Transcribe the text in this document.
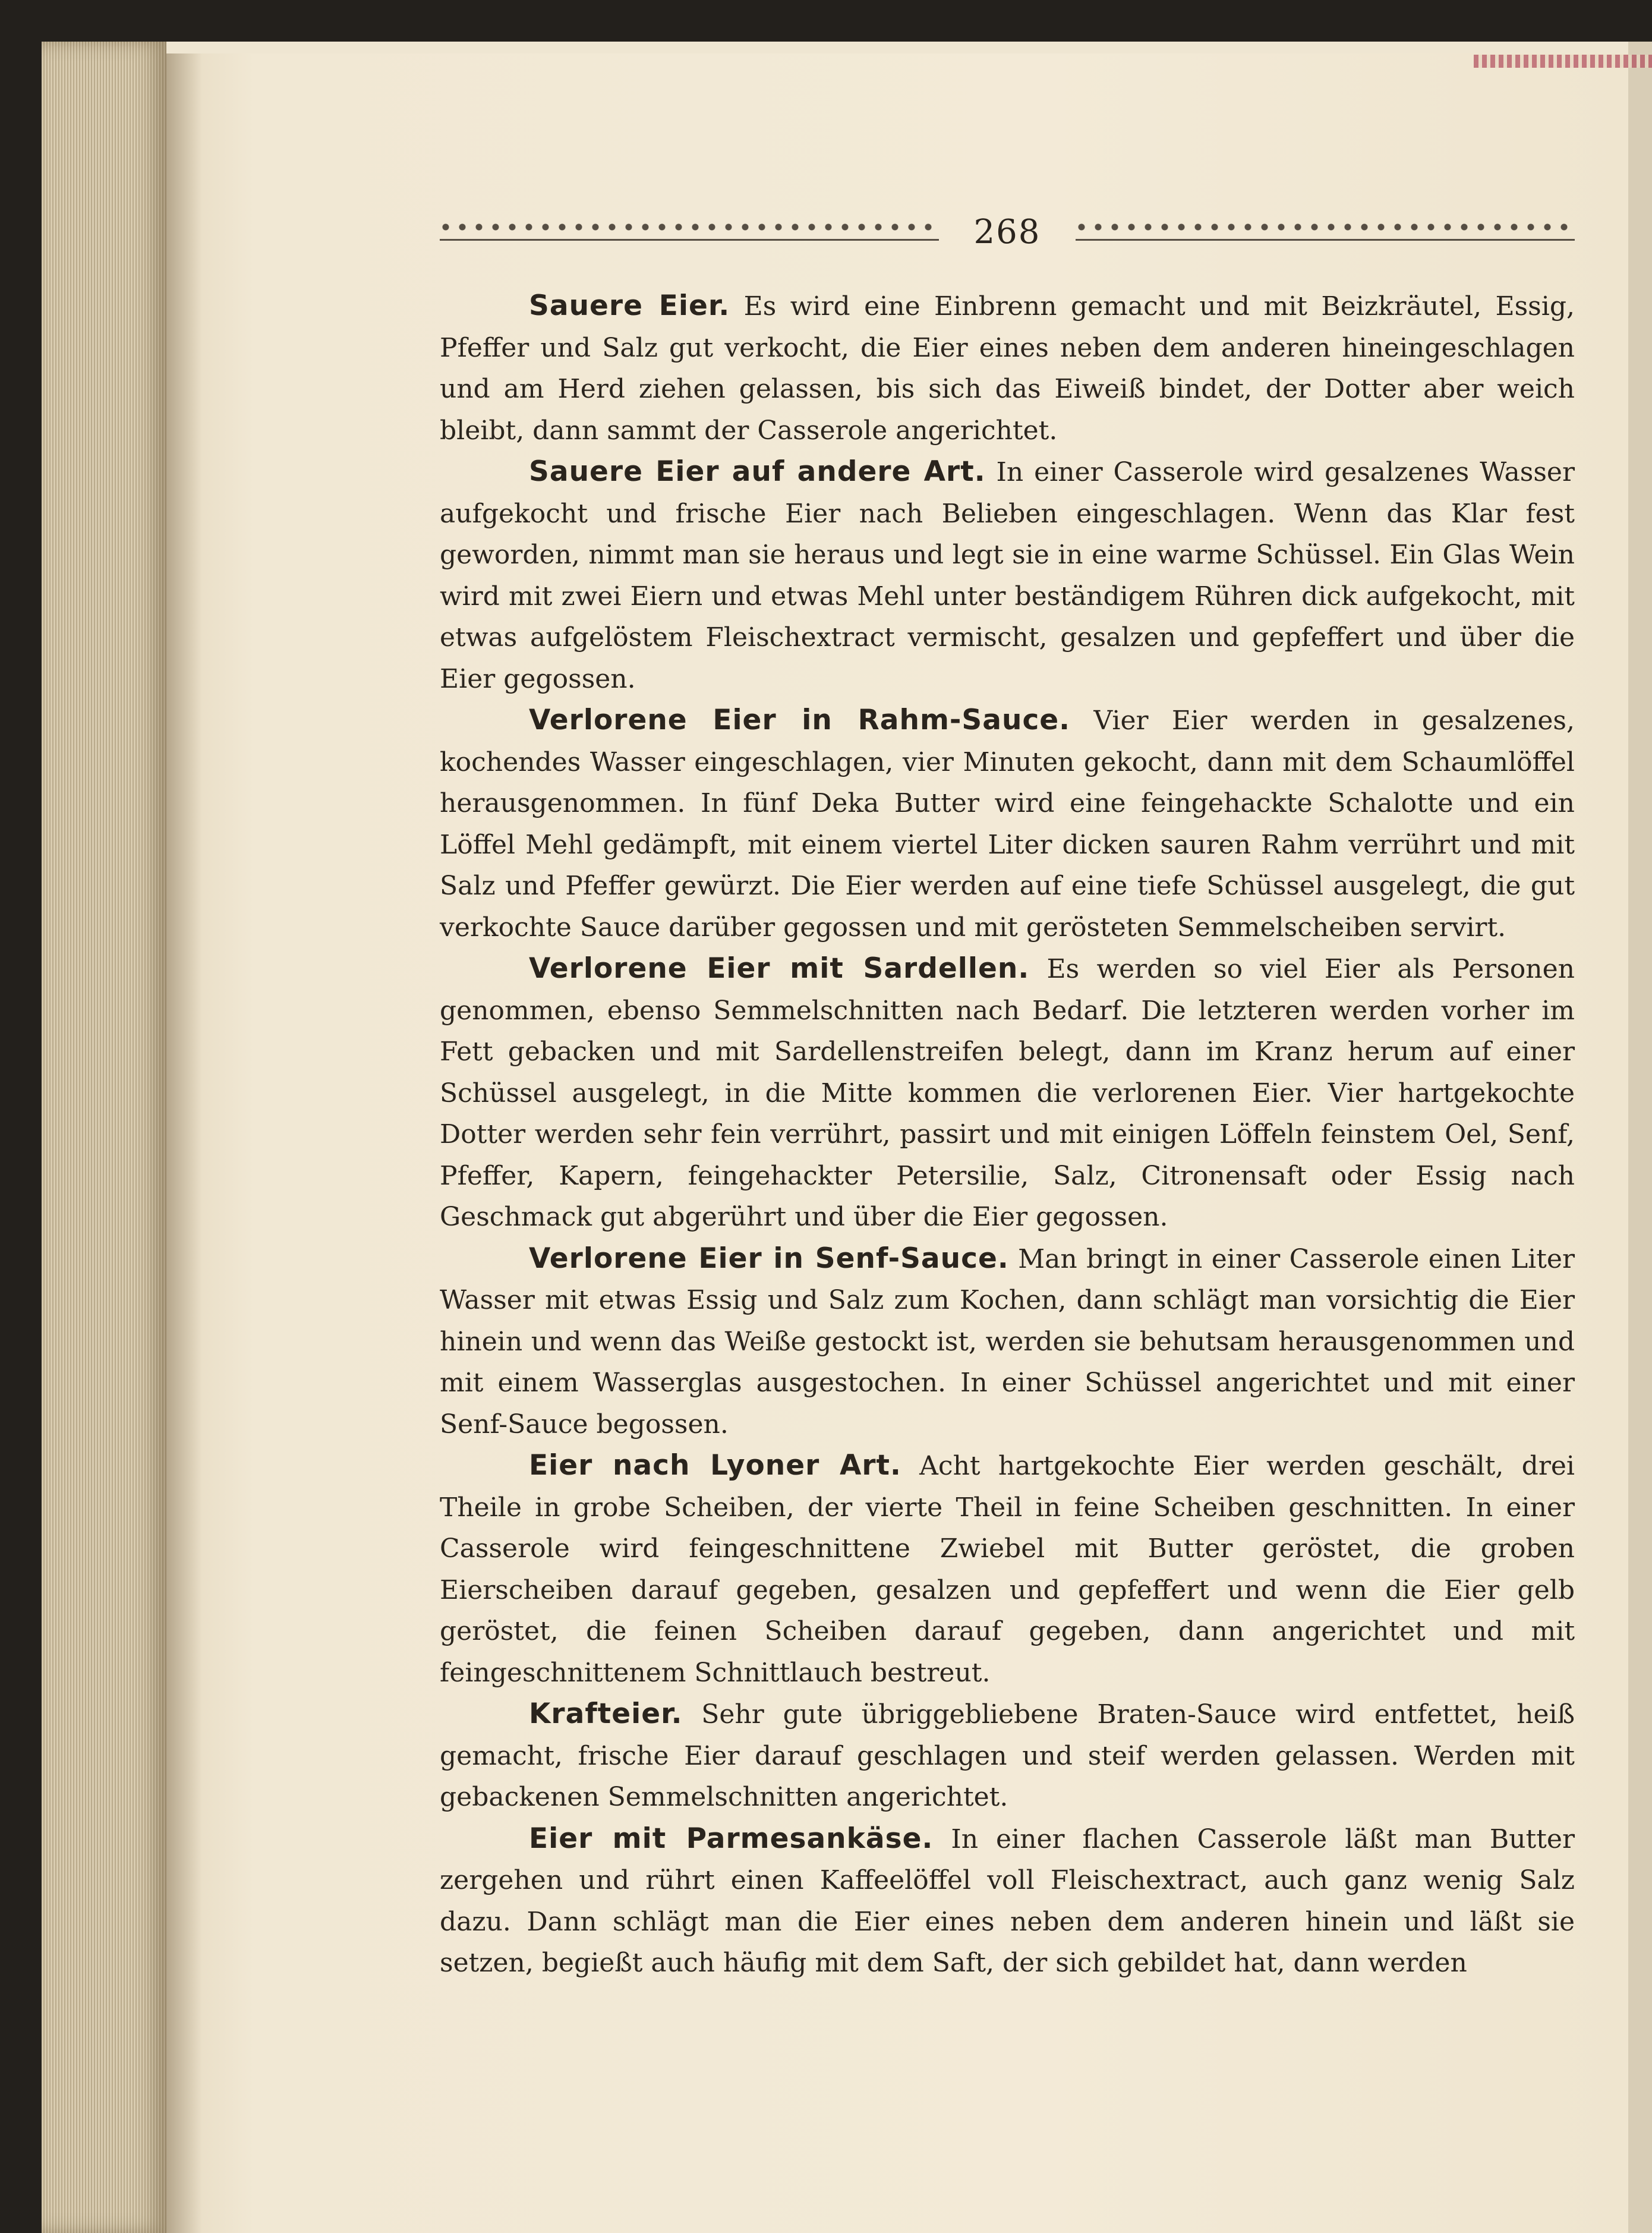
268

Sauere Eier. Es wird eine Einbrenn gemacht und mit Beizkräutel, Essig, Pfeffer und Salz gut verkocht, die Eier eines neben dem anderen hineingeschlagen und am Herd ziehen gelassen, bis sich das Eiweiß bindet, der Dotter aber weich bleibt, dann sammt der Casserole angerichtet.

Sauere Eier auf andere Art. In einer Casserole wird gesalzenes Wasser aufgekocht und frische Eier nach Belieben eingeschlagen. Wenn das Klar fest geworden, nimmt man sie heraus und legt sie in eine warme Schüssel. Ein Glas Wein wird mit zwei Eiern und etwas Mehl unter beständigem Rühren dick aufgekocht, mit etwas aufgelöstem Fleischextract vermischt, gesalzen und gepfeffert und über die Eier gegossen.

Verlorene Eier in Rahm-Sauce. Vier Eier werden in gesalzenes, kochendes Wasser eingeschlagen, vier Minuten gekocht, dann mit dem Schaumlöffel herausgenommen. In fünf Deka Butter wird eine feingehackte Schalotte und ein Löffel Mehl gedämpft, mit einem viertel Liter dicken sauren Rahm verrührt und mit Salz und Pfeffer gewürzt. Die Eier werden auf eine tiefe Schüssel ausgelegt, die gut verkochte Sauce darüber gegossen und mit gerösteten Semmelscheiben servirt.

Verlorene Eier mit Sardellen. Es werden so viel Eier als Personen genommen, ebenso Semmelschnitten nach Bedarf. Die letzteren werden vorher im Fett gebacken und mit Sardellenstreifen belegt, dann im Kranz herum auf einer Schüssel ausgelegt, in die Mitte kommen die verlorenen Eier. Vier hartgekochte Dotter werden sehr fein verrührt, passirt und mit einigen Löffeln feinstem Oel, Senf, Pfeffer, Kapern, feingehackter Petersilie, Salz, Citronensaft oder Essig nach Geschmack gut abgerührt und über die Eier gegossen.

Verlorene Eier in Senf-Sauce. Man bringt in einer Casserole einen Liter Wasser mit etwas Essig und Salz zum Kochen, dann schlägt man vorsichtig die Eier hinein und wenn das Weiße gestockt ist, werden sie behutsam herausgenommen und mit einem Wasserglas ausgestochen. In einer Schüssel angerichtet und mit einer Senf-Sauce begossen.

Eier nach Lyoner Art. Acht hartgekochte Eier werden geschält, drei Theile in grobe Scheiben, der vierte Theil in feine Scheiben geschnitten. In einer Casserole wird feingeschnittene Zwiebel mit Butter geröstet, die groben Eierscheiben darauf gegeben, gesalzen und gepfeffert und wenn die Eier gelb geröstet, die feinen Scheiben darauf gegeben, dann angerichtet und mit feingeschnittenem Schnittlauch bestreut.

Krafteier. Sehr gute übriggebliebene Braten-Sauce wird entfettet, heiß gemacht, frische Eier darauf geschlagen und steif werden gelassen. Werden mit gebackenen Semmelschnitten angerichtet.

Eier mit Parmesankäse. In einer flachen Casserole läßt man Butter zergehen und rührt einen Kaffeelöffel voll Fleischextract, auch ganz wenig Salz dazu. Dann schlägt man die Eier eines neben dem anderen hinein und läßt sie setzen, begießt auch häufig mit dem Saft, der sich gebildet hat, dann werden
